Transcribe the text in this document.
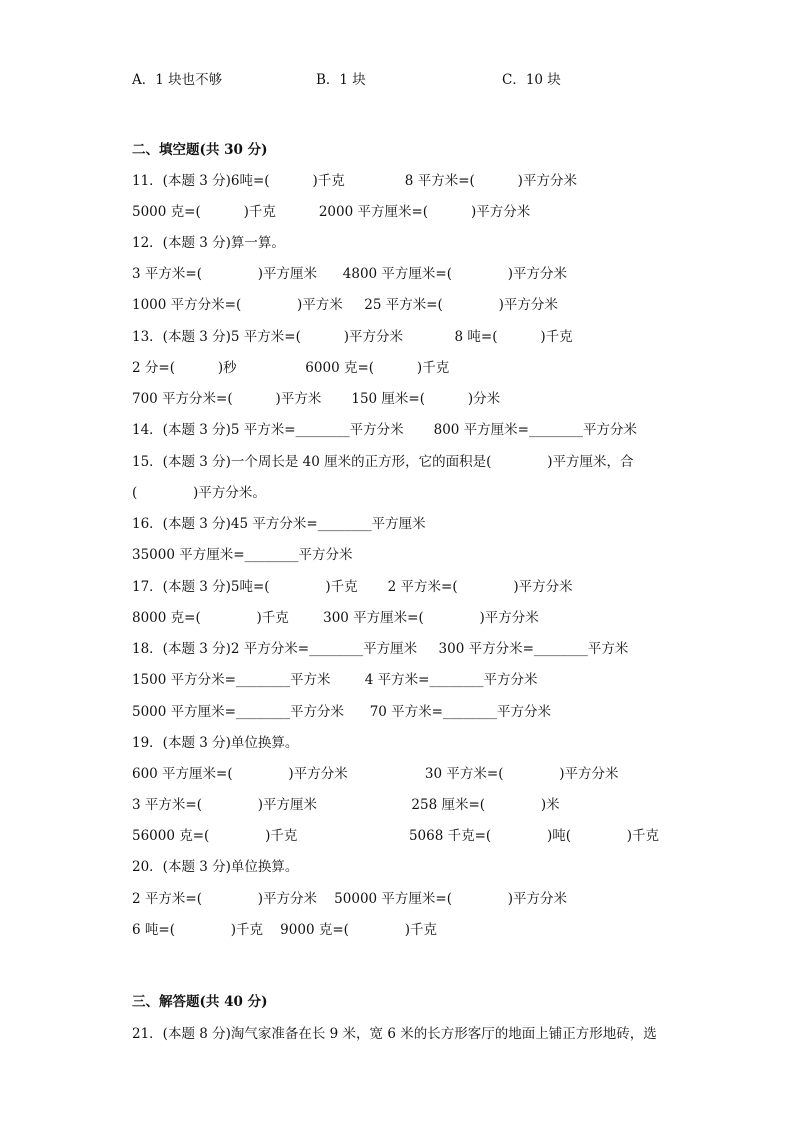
A．1 块也不够	B．1 块	C．10 块
二、填空题(共 30 分)
11．(本题 3 分)6吨=(          )千克              8 平方米=(          )平方分米
5000 克=(          )千克          2000 平方厘米=(          )平方分米
12．(本题 3 分)算一算。
3 平方米=(             )平方厘米      4800 平方厘米=(             )平方分米
1000 平方分米=(             )平方米     25 平方米=(             )平方分米
13．(本题 3 分)5 平方米=(          )平方分米            8 吨=(          )千克
2 分=(          )秒                6000 克=(          )千克
700 平方分米=(          )平方米       150 厘米=(          )分米
14．(本题 3 分)5 平方米=________平方分米       800 平方厘米=________平方分米
15．(本题 3 分)一个周长是 40 厘米的正方形，它的面积是(             )平方厘米，合
(             )平方分米。
16．(本题 3 分)45 平方分米=________平方厘米
35000 平方厘米=________平方分米
17．(本题 3 分)5吨=(             )千克       2 平方米=(             )平方分米
8000 克=(             )千克        300 平方厘米=(             )平方分米
18．(本题 3 分)2 平方分米=________平方厘米     300 平方分米=________平方米
1500 平方分米=________平方米        4 平方米=________平方分米
5000 平方厘米=________平方分米      70 平方米=________平方分米
19．(本题 3 分)单位换算。
600 平方厘米=(             )平方分米                  30 平方米=(             )平方分米
3 平方米=(             )平方厘米                      258 厘米=(             )米
56000 克=(             )千克                          5068 千克=(             )吨(             )千克
20．(本题 3 分)单位换算。
2 平方米=(             )平方分米    50000 平方厘米=(             )平方分米
6 吨=(             )千克    9000 克=(             )千克
三、解答题(共 40 分)
21．(本题 8 分)淘气家准备在长 9 米，宽 6 米的长方形客厅的地面上铺正方形地砖，选
